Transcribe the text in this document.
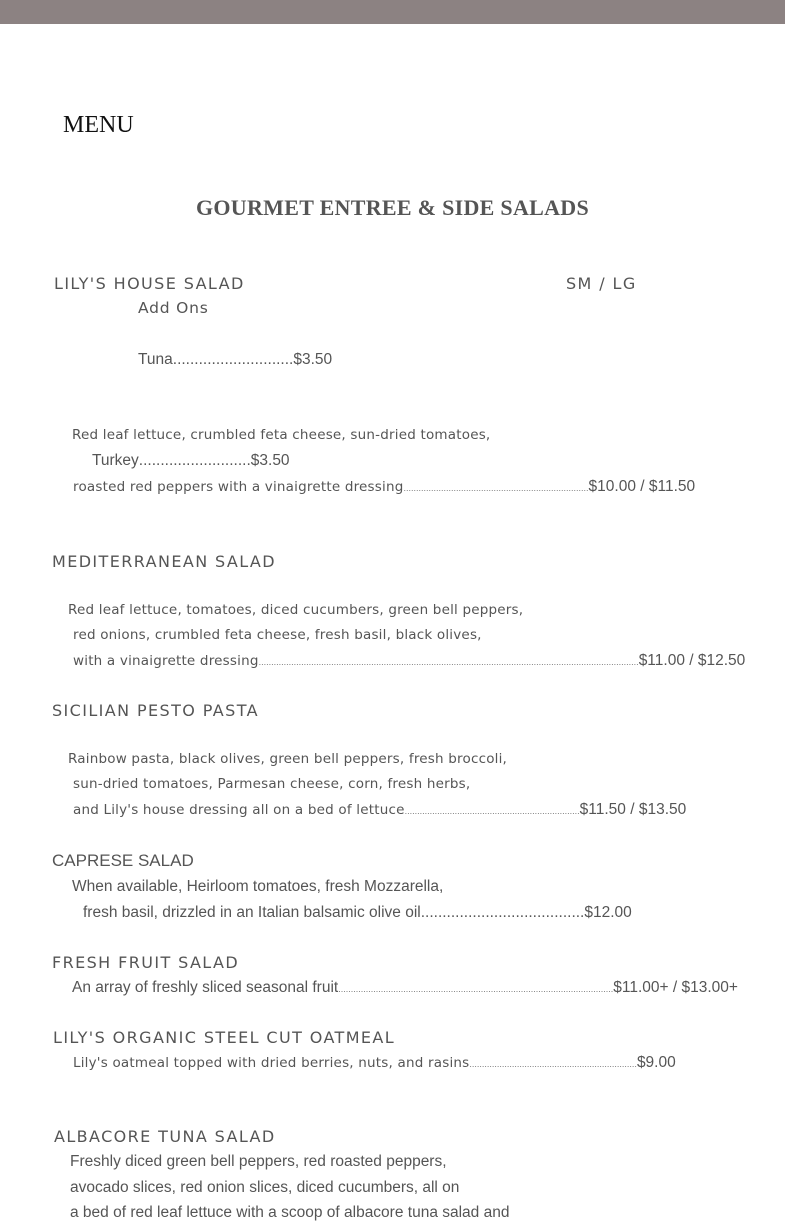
MENU
GOURMET ENTREE & SIDE SALADS
LILY'S HOUSE SALAD	SM / LG
Add Ons
Tuna ............................ $3.50
Red leaf lettuce, crumbled feta cheese, sun-dried tomatoes,
Turkey .......................... $3.50
roasted red peppers with a vinaigrette dressing .......................................................................... $10.00 / $11.50
MEDITERRANEAN SALAD
Red leaf lettuce, tomatoes, diced cucumbers, green bell peppers,
red onions, crumbled feta cheese, fresh basil, black olives,
with a vinaigrette dressing ........................................................................................................................................................ $11.00 / $12.50
SICILIAN PESTO PASTA
Rainbow pasta, black olives, green bell peppers, fresh broccoli,
sun-dried tomatoes, Parmesan cheese, corn, fresh herbs,
and Lily's house dressing all on a bed of lettuce ...................................................................... $11.50 / $13.50
CAPRESE SALAD
When available, Heirloom tomatoes, fresh Mozzarella,
fresh basil, drizzled in an Italian balsamic olive oil ...................................... $12.00
FRESH FRUIT SALAD
An array of freshly sliced seasonal fruit .............................................................................................................. $11.00+ / $13.00+
LILY'S ORGANIC STEEL CUT OATMEAL
Lily's oatmeal topped with dried berries, nuts, and rasins ................................................................... $9.00
ALBACORE TUNA SALAD
Freshly diced green bell peppers, red roasted peppers,
avocado slices, red onion slices, diced cucumbers, all on
a bed of red leaf lettuce with a scoop of albacore tuna salad and
